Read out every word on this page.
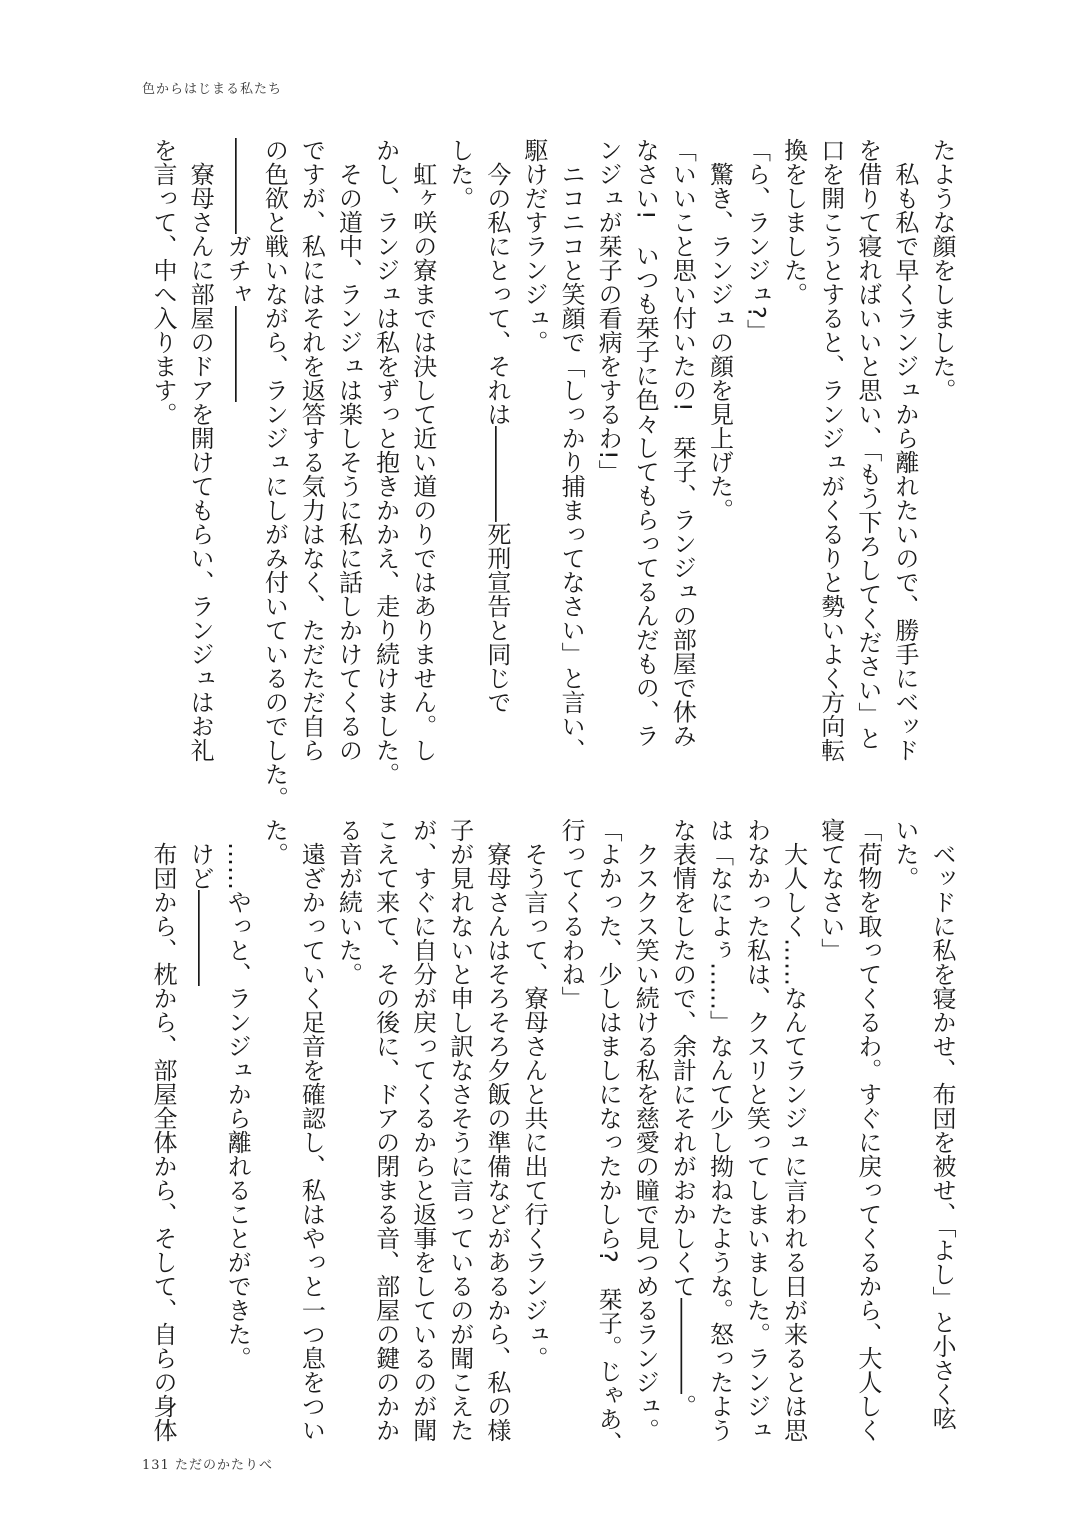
色からはじまる私たち
たような顔をしました。
　私も私で早くランジュから離れたいので、勝手にベッド
を借りて寝ればいいと思い、「もう下ろしてください」と
口を開こうとすると、ランジュがくるりと勢いよく方向転
換をしました。
「ら、ランジュ?」
　驚き、ランジュの顔を見上げた。
「いいこと思い付いたの!　栞子、ランジュの部屋で休み
なさい!　いつも栞子に色々してもらってるんだもの、ラ
ンジュが栞子の看病をするわ!」
　ニコニコと笑顔で「しっかり捕まってなさい」と言い、
駆けだすランジュ。
　今の私にとって、それは――――死刑宣告と同じで
した。
　虹ヶ咲の寮までは決して近い道のりではありません。し
かし、ランジュは私をずっと抱きかかえ、走り続けました。
　その道中、ランジュは楽しそうに私に話しかけてくるの
ですが、私にはそれを返答する気力はなく、ただただ自ら
の色欲と戦いながら、ランジュにしがみ付いているのでした。
――――ガチャ――――
　寮母さんに部屋のドアを開けてもらい、ランジュはお礼
を言って、中へ入ります。
　ベッドに私を寝かせ、布団を被せ、「よし」と小さく呟
いた。
「荷物を取ってくるわ。すぐに戻ってくるから、大人しく
寝てなさい」
　大人しく……なんてランジュに言われる日が来るとは思
わなかった私は、クスリと笑ってしまいました。ランジュ
は「なによぅ……」なんて少し拗ねたような。怒ったよう
な表情をしたので、余計にそれがおかしくて――――。
　クスクス笑い続ける私を慈愛の瞳で見つめるランジュ。
「よかった、少しはましになったかしら?　栞子。じゃあ、
行ってくるわね」
　そう言って、寮母さんと共に出て行くランジュ。
　寮母さんはそろそろ夕飯の準備などがあるから、私の様
子が見れないと申し訳なさそうに言っているのが聞こえた
が、すぐに自分が戻ってくるからと返事をしているのが聞
こえて来て、その後に、ドアの閉まる音、部屋の鍵のかか
る音が続いた。
　遠ざかっていく足音を確認し、私はやっと一つ息をつい
た。
　……やっと、ランジュから離れることができた。
　けど――――
　布団から、枕から、部屋全体から、そして、自らの身体
131 ただのかたりべ
